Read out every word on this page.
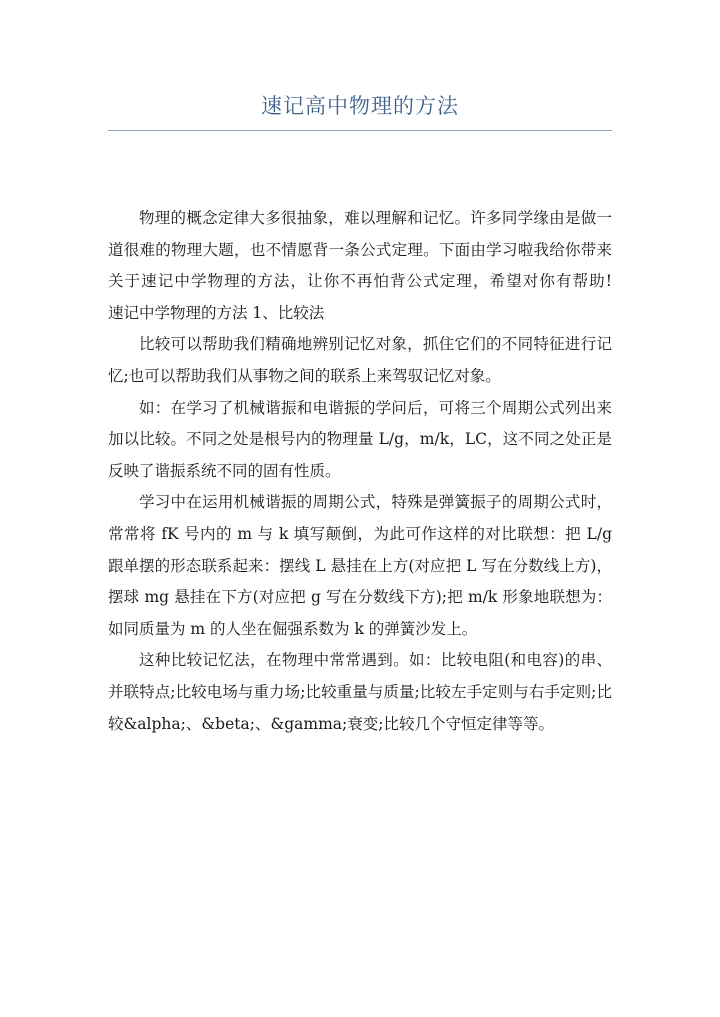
速记高中物理的方法

物理的概念定律大多很抽象，难以理解和记忆。许多同学缘由是做一道很难的物理大题，也不情愿背一条公式定理。下面由学习啦我给你带来关于速记中学物理的方法，让你不再怕背公式定理，希望对你有帮助!　　速记中学物理的方法 1、比较法

比较可以帮助我们精确地辨别记忆对象，抓住它们的不同特征进行记忆;也可以帮助我们从事物之间的联系上来驾驭记忆对象。

如：在学习了机械谐振和电谐振的学问后，可将三个周期公式列出来加以比较。不同之处是根号内的物理量 L/g，m/k，LC，这不同之处正是反映了谐振系统不同的固有性质。

学习中在运用机械谐振的周期公式，特殊是弹簧振子的周期公式时，常常将 fK 号内的 m 与 k 填写颠倒，为此可作这样的对比联想：把 L/g 跟单摆的形态联系起来：摆线 L 悬挂在上方(对应把 L 写在分数线上方)，摆球 mg 悬挂在下方(对应把 g 写在分数线下方);把 m/k 形象地联想为：如同质量为 m 的人坐在倔强系数为 k 的弹簧沙发上。

这种比较记忆法，在物理中常常遇到。如：比较电阻(和电容)的串、并联特点;比较电场与重力场;比较重量与质量;比较左手定则与右手定则;比较&alpha;、&beta;、&gamma;衰变;比较几个守恒定律等等。
